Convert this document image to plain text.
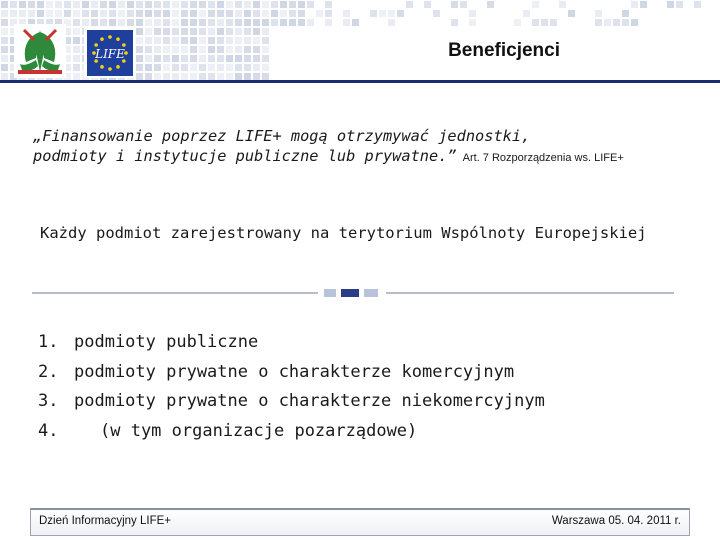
LIFE	Beneficjenci
„Finansowanie poprzez LIFE+ mogą otrzymywać jednostki,
podmioty i instytucje publiczne lub prywatne.” Art. 7 Rozporządzenia ws. LIFE+
Każdy podmiot zarejestrowany na terytorium Wspólnoty Europejskiej
1. podmioty publiczne
2. podmioty prywatne o charakterze komercyjnym
3. podmioty prywatne o charakterze niekomercyjnym
4.	(w tym organizacje pozarządowe)
Dzień Informacyjny LIFE+	Warszawa 05. 04. 2011 r.
